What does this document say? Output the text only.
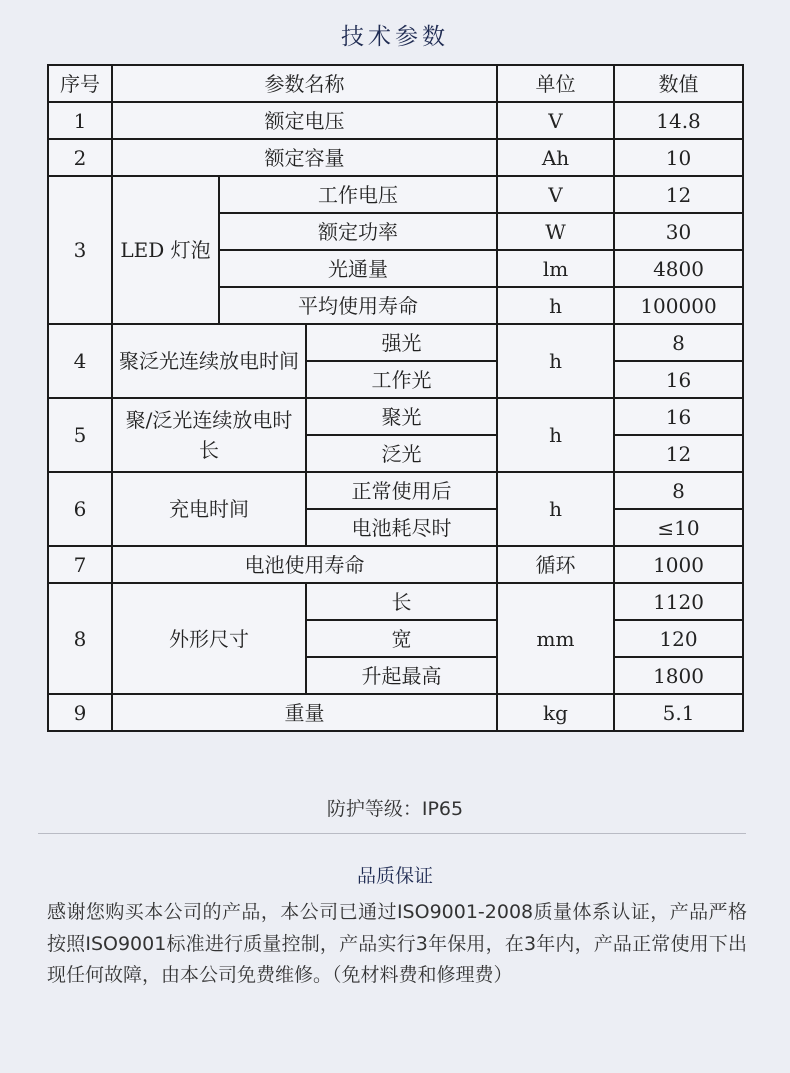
技术参数
序号	参数名称			单位	数值
1	额定电压			V	14.8
2	额定容量			Ah	10
3	LED 灯泡	工作电压		V	12
		额定功率		W	30
		光通量		lm	4800
		平均使用寿命		h	100000
4	聚泛光连续放电时间		强光	h	8
			工作光		16
5	聚/泛光连续放电时长		聚光	h	16
			泛光		12
6	充电时间		正常使用后	h	8
			电池耗尽时		≤10
7	电池使用寿命			循环	1000
8	外形尺寸		长	mm	1120
			宽		120
			升起最高		1800
9	重量			kg	5.1
防护等级：IP65
品质保证
感谢您购买本公司的产品，本公司已通过ISO9001-2008质量体系认证，产品严格按照ISO9001标准进行质量控制，产品实行3年保用，在3年内，产品正常使用下出现任何故障，由本公司免费维修。（免材料费和修理费）
